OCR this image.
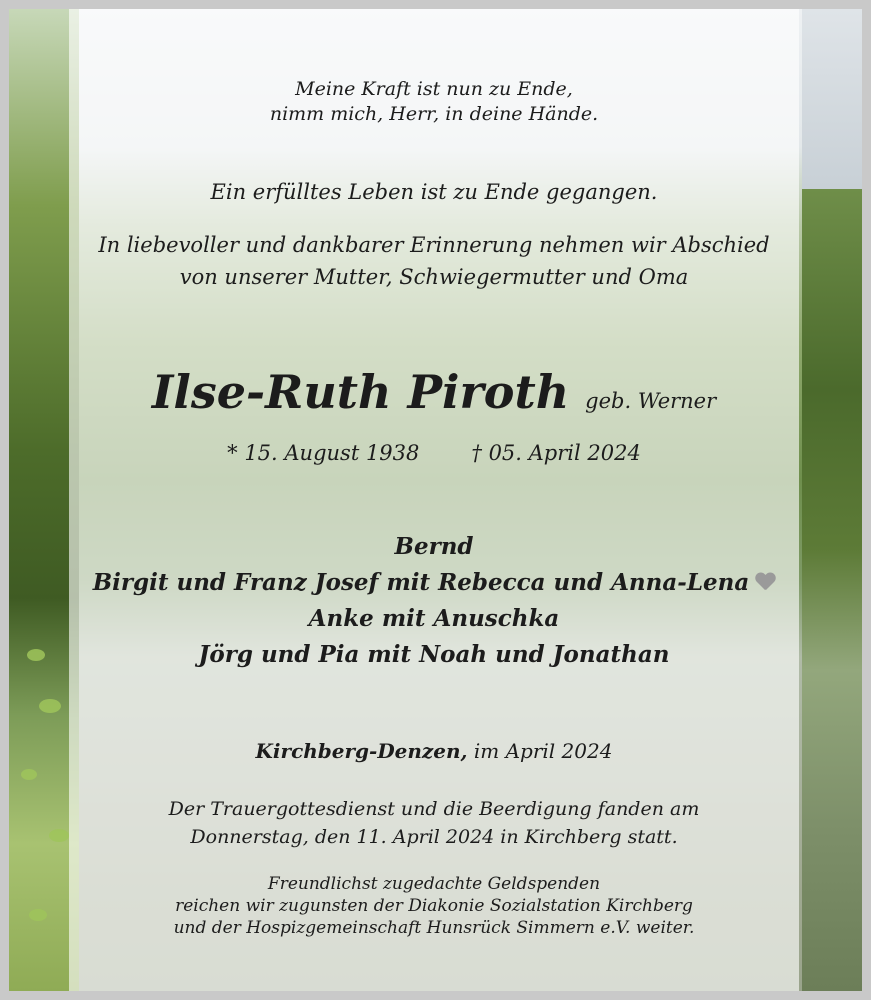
Meine Kraft ist nun zu Ende,
nimm mich, Herr, in deine Hände.

Ein erfülltes Leben ist zu Ende gegangen.

In liebevoller und dankbarer Erinnerung nehmen wir Abschied
von unserer Mutter, Schwiegermutter und Oma

Ilse-Ruth Piroth geb. Werner

* 15. August 1938 † 05. April 2024

Bernd
Birgit und Franz Josef mit Rebecca und Anna-Lena
Anke mit Anuschka
Jörg und Pia mit Noah und Jonathan

Kirchberg-Denzen, im April 2024

Der Trauergottesdienst und die Beerdigung fanden am
Donnerstag, den 11. April 2024 in Kirchberg statt.

Freundlichst zugedachte Geldspenden
reichen wir zugunsten der Diakonie Sozialstation Kirchberg
und der Hospizgemeinschaft Hunsrück Simmern e.V. weiter.
